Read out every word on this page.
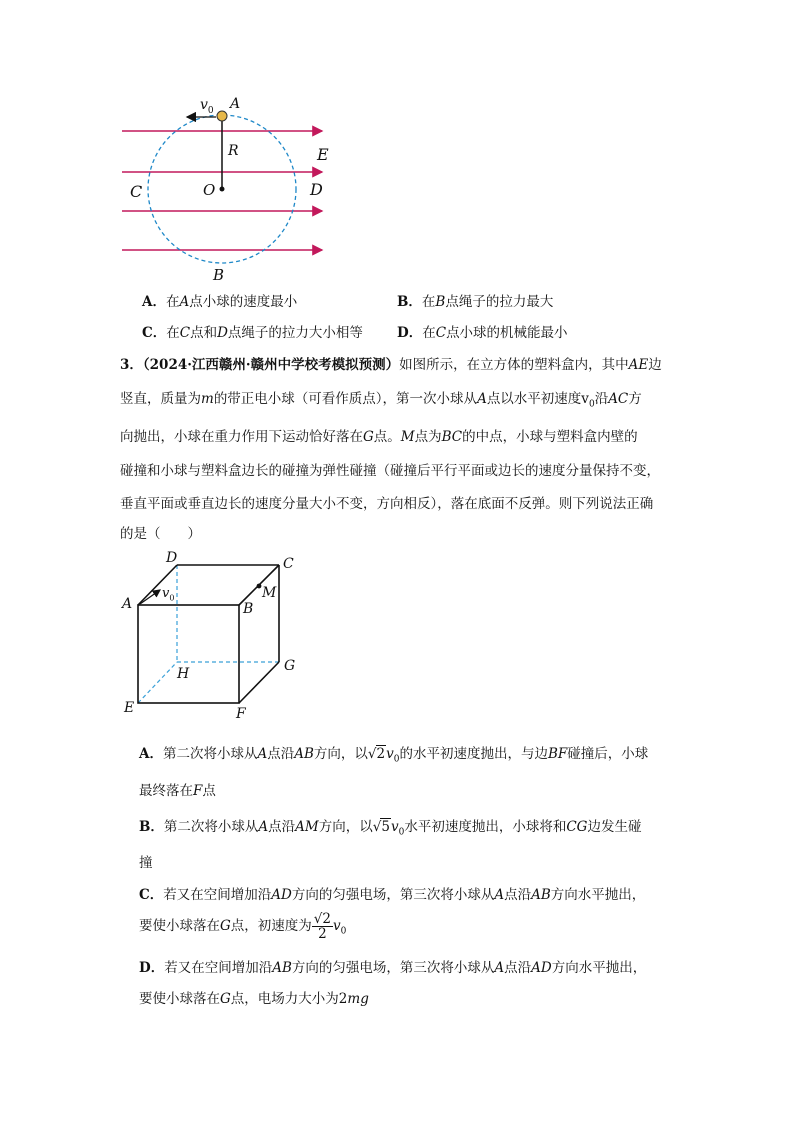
$v_0$ A
R	E
C	O	D
B
A．在A点小球的速度最小	B．在B点绳子的拉力最大
C．在C点和D点绳子的拉力大小相等	D．在C点小球的机械能最小
3．（2024·江西赣州·赣州中学校考模拟预测）如图所示，在立方体的塑料盒内，其中AE边
竖直，质量为m的带正电小球（可看作质点），第一次小球从A点以水平初速度$v_0$沿AC方
向抛出，小球在重力作用下运动恰好落在G点。M点为BC的中点，小球与塑料盒内壁的
碰撞和小球与塑料盒边长的碰撞为弹性碰撞（碰撞后平行平面或边长的速度分量保持不变，
垂直平面或垂直边长的速度分量大小不变，方向相反），落在底面不反弹。则下列说法正确
的是（　　）
A
$v_0$
D	C
M
B
H	G
E	F
A．第二次将小球从A点沿AB方向，以$√2v_0$的水平初速度抛出，与边BF碰撞后，小球
最终落在F点
B．第二次将小球从A点沿AM方向，以$√5v_0$水平初速度抛出，小球将和CG边发生碰
撞
C．若又在空间增加沿AD方向的匀强电场，第三次将小球从A点沿AB方向水平抛出，
要使小球落在G点，初速度为 $\frac{√2}{2} v_0$
D．若又在空间增加沿AB方向的匀强电场，第三次将小球从A点沿AD方向水平抛出，
要使小球落在G点，电场力大小为2mg
